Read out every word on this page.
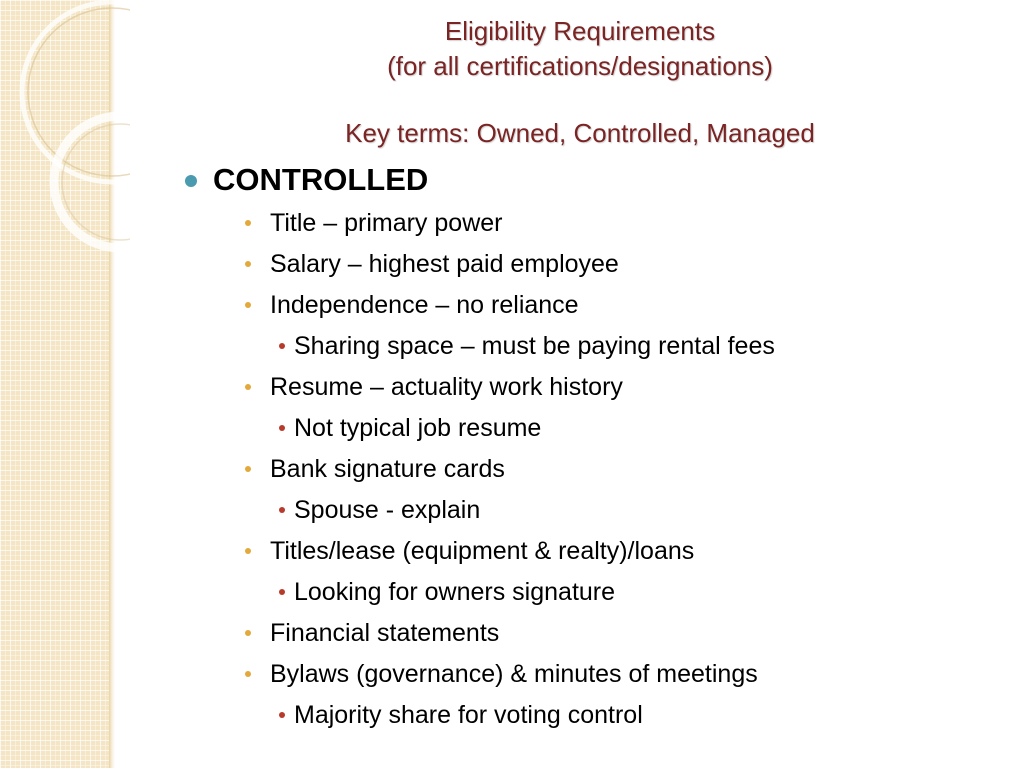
Eligibility Requirements
(for all certifications/designations)
Key terms: Owned, Controlled, Managed
CONTROLLED
Title – primary power
Salary – highest paid employee
Independence – no reliance
Sharing space – must be paying rental fees
Resume – actuality work history
Not typical job resume
Bank signature cards
Spouse - explain
Titles/lease (equipment & realty)/loans
Looking for owners signature
Financial statements
Bylaws (governance) & minutes of meetings
Majority share for voting control
